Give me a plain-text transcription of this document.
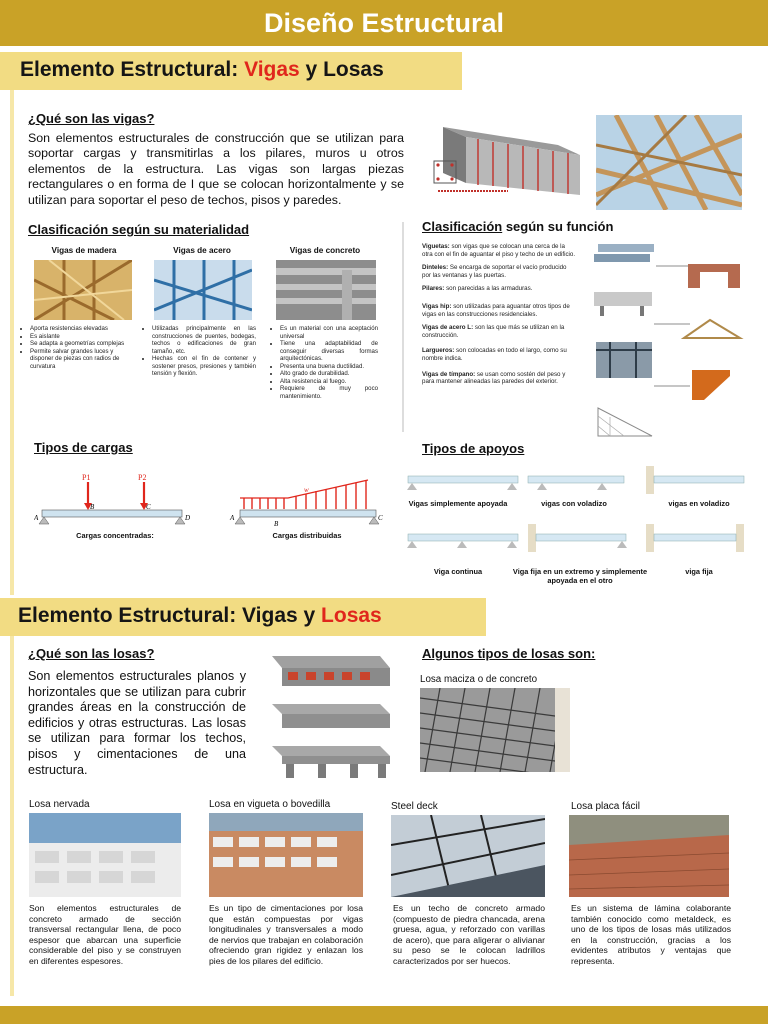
Diseño Estructural
Elemento Estructural: Vigas y Losas
¿Qué son las vigas?
Son elementos estructurales de construcción que se utilizan para soportar cargas y transmitirlas a los pilares, muros u otros elementos de la estructura. Las vigas son largas piezas rectangulares o en forma de I que se colocan horizontalmente y se utilizan para soportar el peso de techos, pisos y paredes.
Clasificación según su materialidad
Vigas de madera	Vigas de acero	Vigas de concreto
• Aporta resistencias elevadas
• Es aislante
• Se adapta a geometrías complejas
• Permite salvar grandes luces y disponer de piezas con radios de curvatura
• Utilizadas principalmente en las construcciones de puentes, bodegas, techos o edificaciones de gran tamaño, etc.
• Hechas con el fin de contener y sostener presos, presiones y también tensión y flexión.
• Es un material con una aceptación universal
• Tiene una adaptabilidad de conseguir diversas formas arquitectónicas.
• Presenta una buena ductilidad.
• Alto grado de durabilidad.
• Alta resistencia al fuego.
• Requiere de muy poco mantenimiento.
Clasificación según su función

Viguetas: son vigas que se colocan una cerca de la otra con el fin de aguantar el piso y techo de un edificio.

Dinteles: Se encarga de soportar el vacío producido por las ventanas y las puertas.

Pilares: son parecidas a las armaduras.

Vigas hip: son utilizadas para aguantar otros tipos de vigas en las construcciones residenciales.

Vigas de acero L: son las que más se utilizan en la construcción.

Largueros: son colocadas en todo el largo, como su nombre indica.

Vigas de tímpano: se usan como sostén del peso y para mantener alineadas las paredes del exterior.

Tipos de cargas
P1	P2
A
B	C
D
Cargas concentradas:
w
A
B
C
Cargas distribuidas
Tipos de apoyos
Vigas simplemente apoyada	vigas con voladizo	vigas en voladizo
Viga continua	Viga fija en un extremo y simplemente apoyada en el otro
viga fija
Elemento Estructural: Vigas y Losas
¿Qué son las losas?
Son elementos estructurales planos y horizontales que se utilizan para cubrir grandes áreas en la construcción de edificios y otras estructuras. Las losas se utilizan para formar los techos, pisos y cimentaciones de una estructura.
Algunos tipos de losas son:
Losa maciza o de concreto
Losa nervada	Losa en vigueta o bovedilla	Steel deck	Losa placa fácil
Son elementos estructurales de concreto armado de sección transversal rectangular llena, de poco espesor que abarcan una superficie considerable del piso y se construyen en diferentes espesores.
Es un tipo de cimentaciones por losa que están compuestas por vigas longitudinales y transversales a modo de nervios que trabajan en colaboración ofreciendo gran rigidez y enlazan los pies de los pilares del edificio.
Es un techo de concreto armado (compuesto de piedra chancada, arena gruesa, agua, y reforzado con varillas de acero), que para aligerar o alivianar su peso se le colocan ladrillos caracterizados por ser huecos.
Es un sistema de lámina colaborante también conocido como metaldeck, es uno de los tipos de losas más utilizados en la construcción, gracias a los evidentes atributos y ventajas que representa.
